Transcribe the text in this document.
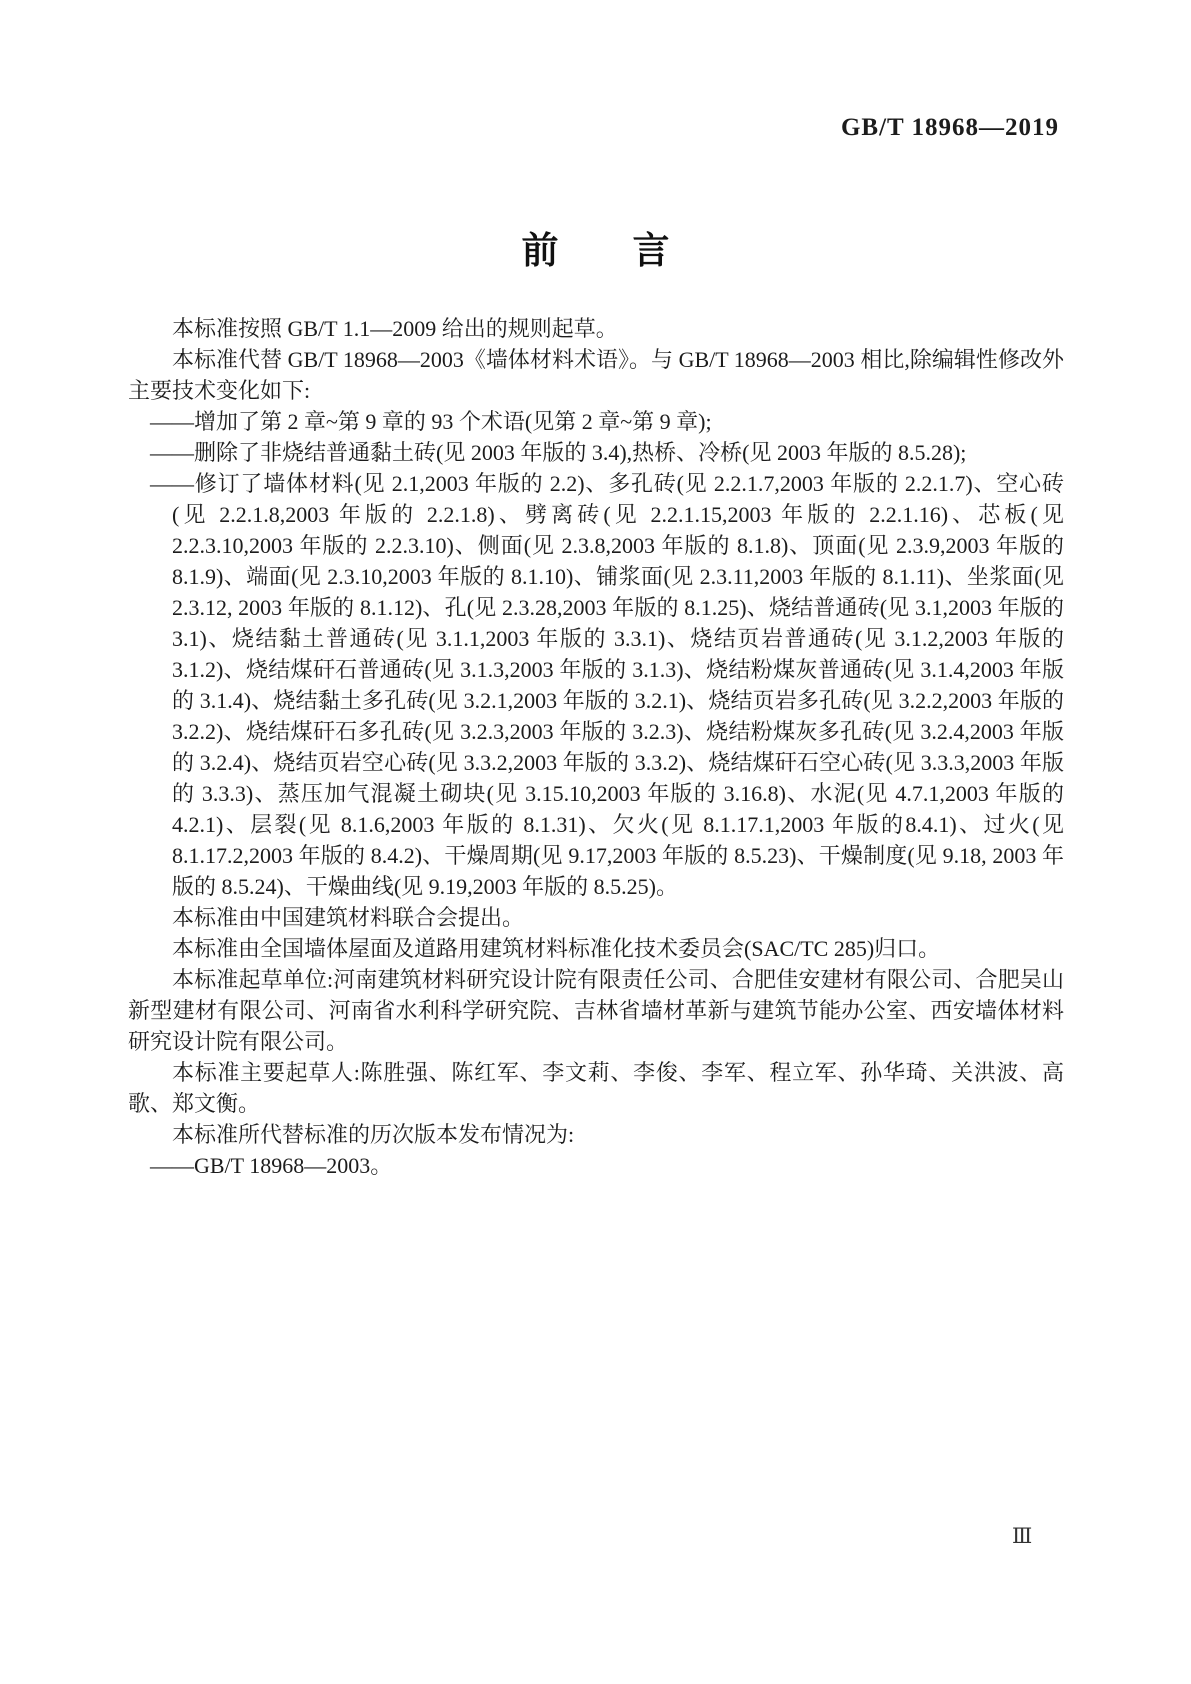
GB/T 18968—2019
前　　言

本标准按照 GB/T 1.1—2009 给出的规则起草。

本标准代替 GB/T 18968—2003《墙体材料术语》。与 GB/T 18968—2003 相比,除编辑性修改外主要技术变化如下:

——增加了第 2 章~第 9 章的 93 个术语(见第 2 章~第 9 章);

——删除了非烧结普通黏土砖(见 2003 年版的 3.4),热桥、冷桥(见 2003 年版的 8.5.28);

——修订了墙体材料(见 2.1,2003 年版的 2.2)、多孔砖(见 2.2.1.7,2003 年版的 2.2.1.7)、空心砖(见 2.2.1.8,2003 年版的 2.2.1.8)、劈离砖(见 2.2.1.15,2003 年版的 2.2.1.16)、芯板(见 2.2.3.10,2003 年版的 2.2.3.10)、侧面(见 2.3.8,2003 年版的 8.1.8)、顶面(见 2.3.9,2003 年版的 8.1.9)、端面(见 2.3.10,2003 年版的 8.1.10)、铺浆面(见 2.3.11,2003 年版的 8.1.11)、坐浆面(见 2.3.12, 2003 年版的 8.1.12)、孔(见 2.3.28,2003 年版的 8.1.25)、烧结普通砖(见 3.1,2003 年版的 3.1)、烧结黏土普通砖(见 3.1.1,2003 年版的 3.3.1)、烧结页岩普通砖(见 3.1.2,2003 年版的 3.1.2)、烧结煤矸石普通砖(见 3.1.3,2003 年版的 3.1.3)、烧结粉煤灰普通砖(见 3.1.4,2003 年版的 3.1.4)、烧结黏土多孔砖(见 3.2.1,2003 年版的 3.2.1)、烧结页岩多孔砖(见 3.2.2,2003 年版的 3.2.2)、烧结煤矸石多孔砖(见 3.2.3,2003 年版的 3.2.3)、烧结粉煤灰多孔砖(见 3.2.4,2003 年版的 3.2.4)、烧结页岩空心砖(见 3.3.2,2003 年版的 3.3.2)、烧结煤矸石空心砖(见 3.3.3,2003 年版的 3.3.3)、蒸压加气混凝土砌块(见 3.15.10,2003 年版的 3.16.8)、水泥(见 4.7.1,2003 年版的 4.2.1)、层裂(见 8.1.6,2003 年版的 8.1.31)、欠火(见 8.1.17.1,2003 年版的8.4.1)、过火(见 8.1.17.2,2003 年版的 8.4.2)、干燥周期(见 9.17,2003 年版的 8.5.23)、干燥制度(见 9.18, 2003 年版的 8.5.24)、干燥曲线(见 9.19,2003 年版的 8.5.25)。

本标准由中国建筑材料联合会提出。

本标准由全国墙体屋面及道路用建筑材料标准化技术委员会(SAC/TC 285)归口。

本标准起草单位:河南建筑材料研究设计院有限责任公司、合肥佳安建材有限公司、合肥吴山新型建材有限公司、河南省水利科学研究院、吉林省墙材革新与建筑节能办公室、西安墙体材料研究设计院有限公司。

本标准主要起草人:陈胜强、陈红军、李文莉、李俊、李军、程立军、孙华琦、关洪波、高歌、郑文衡。

本标准所代替标准的历次版本发布情况为:

——GB/T 18968—2003。

Ⅲ
